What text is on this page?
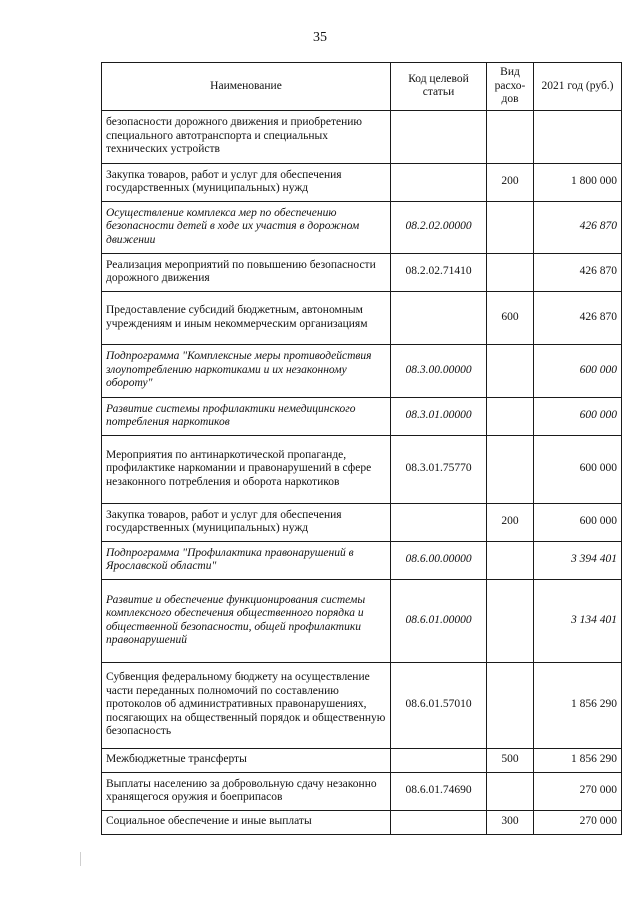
35
Наименование	Код целевой статьи	Вид расхо-дов	2021 год (руб.)
безопасности дорожного движения и приобретению специального автотранспорта и специальных технических устройств			
Закупка товаров, работ и услуг для обеспечения государственных (муниципальных) нужд		200	1 800 000
Осуществление комплекса мер по обеспечению безопасности детей в ходе их участия в дорожном движении	08.2.02.00000		426 870
Реализация мероприятий по повышению безопасности дорожного движения	08.2.02.71410		426 870
Предоставление субсидий бюджетным, автономным учреждениям и иным некоммерческим организациям		600	426 870
Подпрограмма "Комплексные меры противодействия злоупотреблению наркотиками и их незаконному обороту"	08.3.00.00000		600 000
Развитие системы профилактики немедицинского потребления наркотиков	08.3.01.00000		600 000
Мероприятия по антинаркотической пропаганде, профилактике наркомании и правонарушений в сфере незаконного потребления и оборота наркотиков	08.3.01.75770		600 000
Закупка товаров, работ и услуг для обеспечения государственных (муниципальных) нужд		200	600 000
Подпрограмма "Профилактика правонарушений в Ярославской области"	08.6.00.00000		3 394 401
Развитие и обеспечение функционирования системы комплексного обеспечения общественного порядка и общественной безопасности, общей профилактики правонарушений	08.6.01.00000		3 134 401
Субвенция федеральному бюджету на осуществление части переданных полномочий по составлению протоколов об административных правонарушениях, посягающих на общественный порядок и общественную безопасность	08.6.01.57010		1 856 290
Межбюджетные трансферты		500	1 856 290
Выплаты населению за добровольную сдачу незаконно хранящегося оружия и боеприпасов	08.6.01.74690		270 000
Социальное обеспечение и иные выплаты		300	270 000
